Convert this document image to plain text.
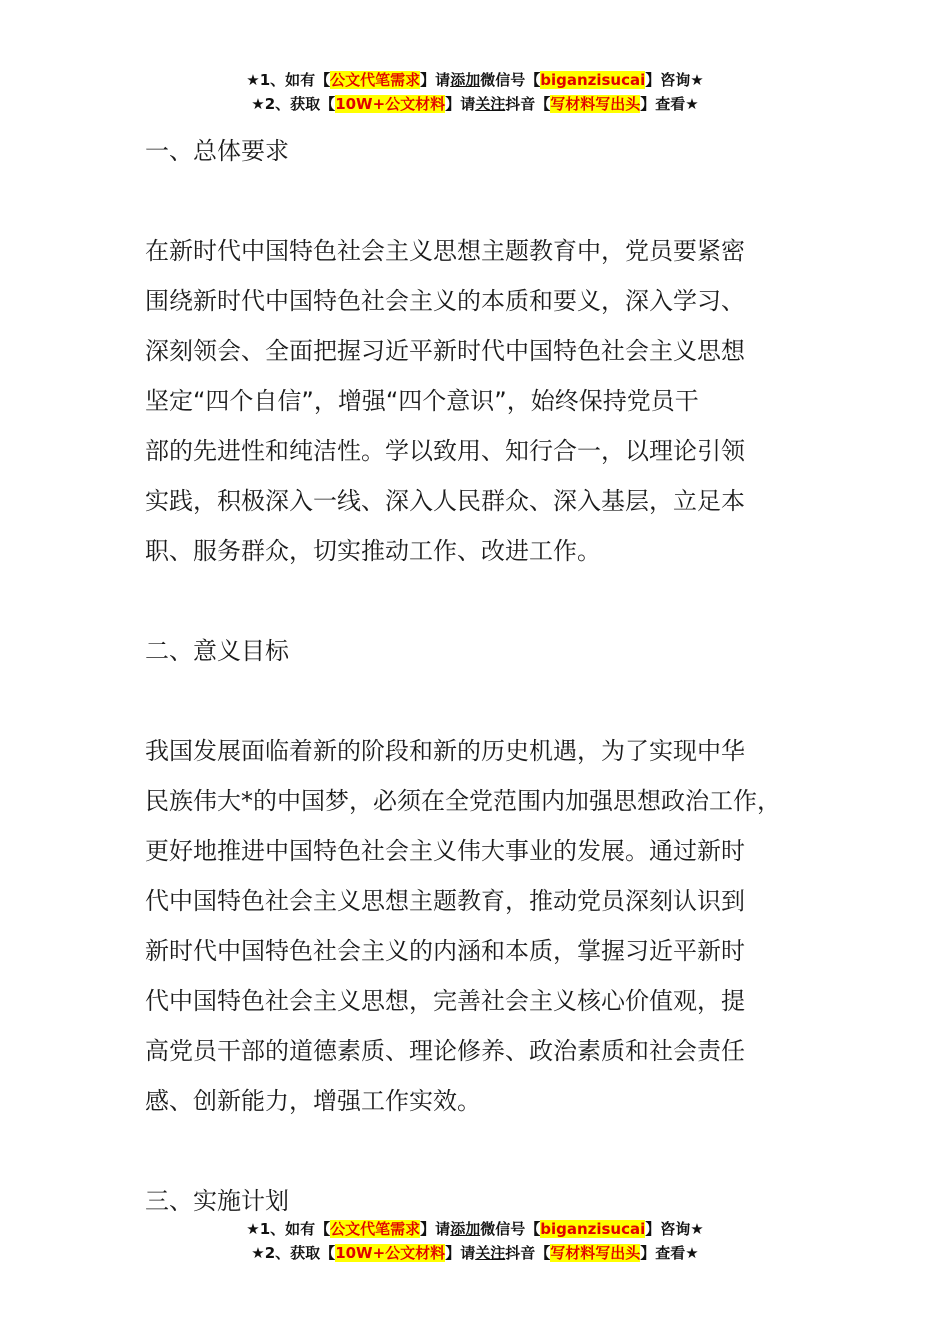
★1、如有【公文代笔需求】请添加微信号【biganzisucai】咨询★
★2、获取【10W+公文材料】请关注抖音【写材料写出头】查看★
一、总体要求
在新时代中国特色社会主义思想主题教育中，党员要紧密
围绕新时代中国特色社会主义的本质和要义，深入学习、
深刻领会、全面把握习近平新时代中国特色社会主义思想
坚定“四个自信”，增强“四个意识”，始终保持党员干
部的先进性和纯洁性。学以致用、知行合一，以理论引领
实践，积极深入一线、深入人民群众、深入基层，立足本
职、服务群众，切实推动工作、改进工作。
二、意义目标
我国发展面临着新的阶段和新的历史机遇，为了实现中华
民族伟大*的中国梦，必须在全党范围内加强思想政治工作，
更好地推进中国特色社会主义伟大事业的发展。通过新时
代中国特色社会主义思想主题教育，推动党员深刻认识到
新时代中国特色社会主义的内涵和本质，掌握习近平新时
代中国特色社会主义思想，完善社会主义核心价值观，提
高党员干部的道德素质、理论修养、政治素质和社会责任
感、创新能力，增强工作实效。
三、实施计划
★1、如有【公文代笔需求】请添加微信号【biganzisucai】咨询★
★2、获取【10W+公文材料】请关注抖音【写材料写出头】查看★
